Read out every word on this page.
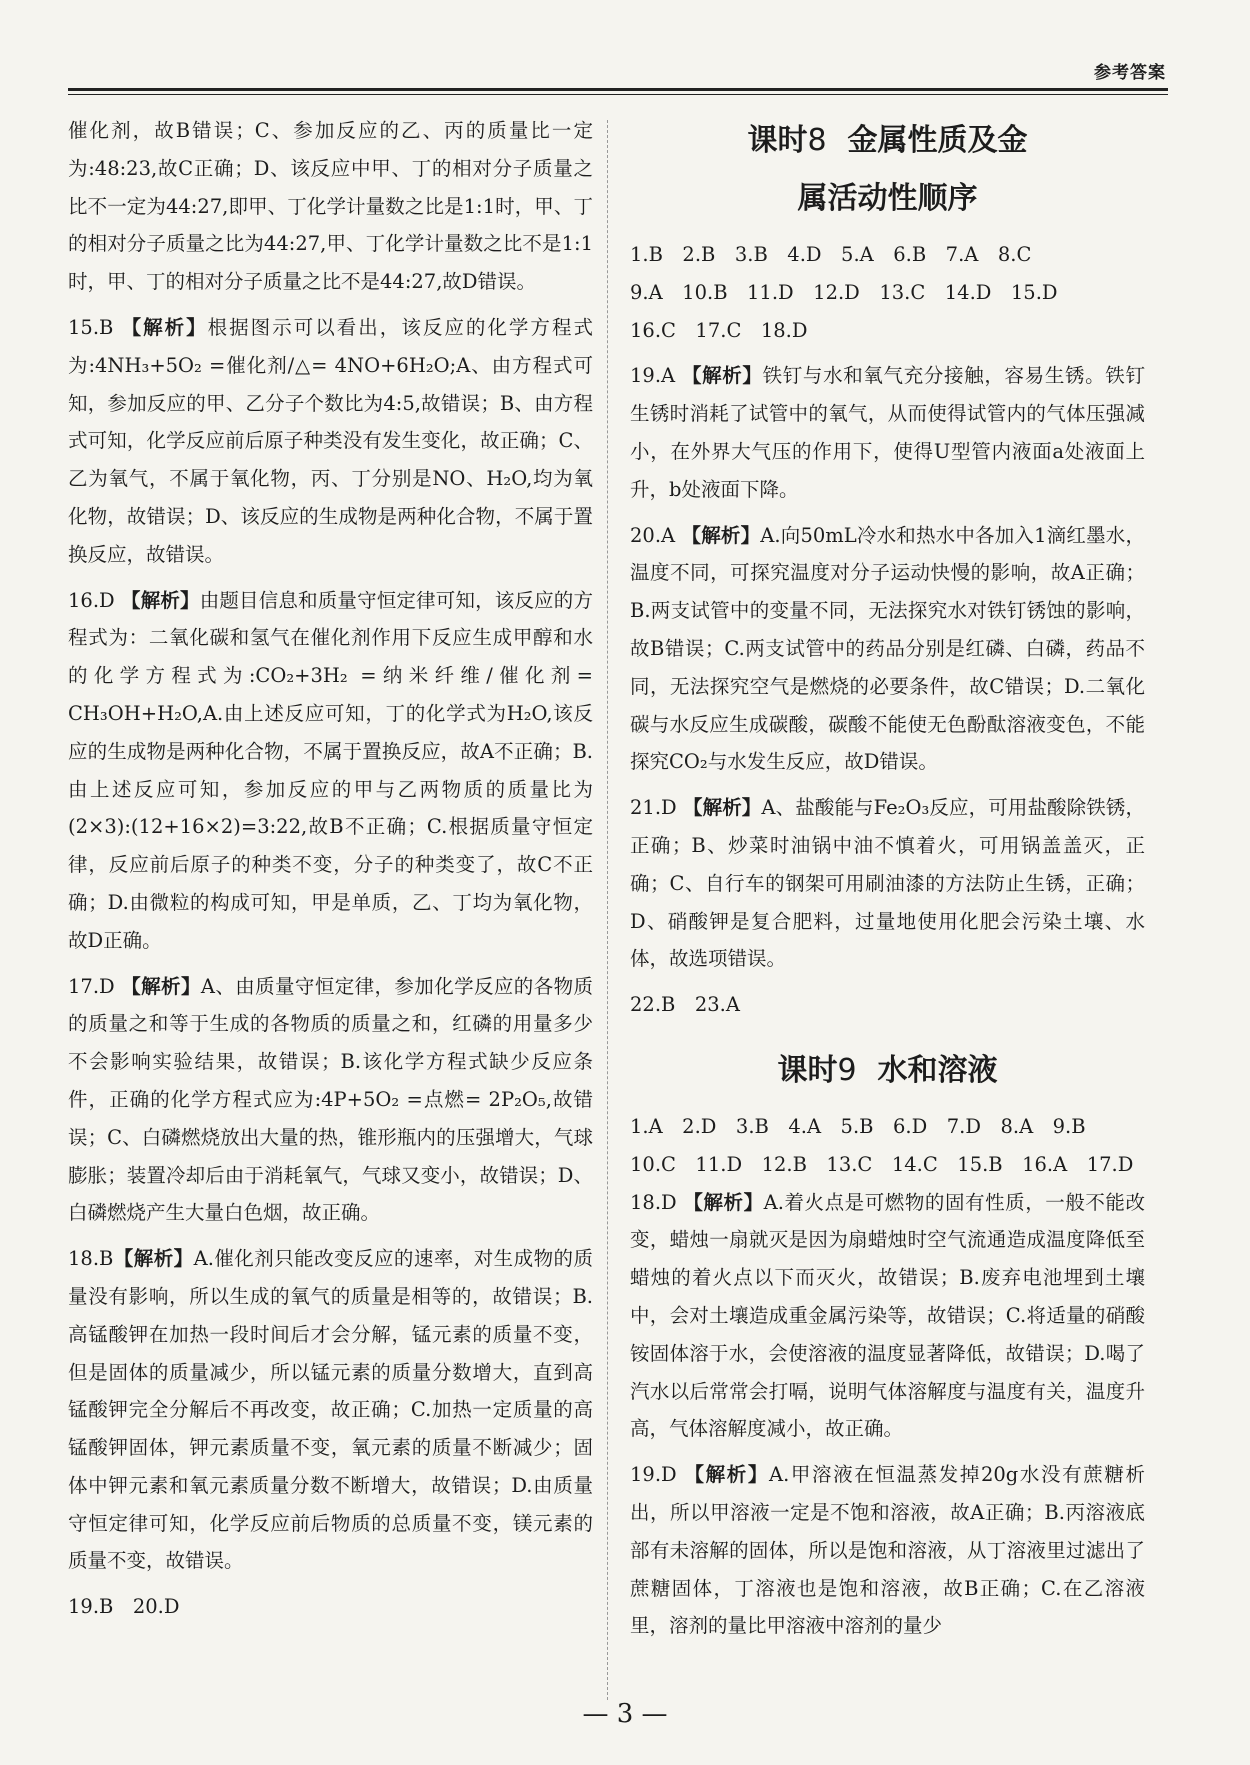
参考答案

催化剂，故B错误；C、参加反应的乙、丙的质量比一定为:48:23,故C正确；D、该反应中甲、丁的相对分子质量之比不一定为44:27,即甲、丁化学计量数之比是1:1时，甲、丁的相对分子质量之比为44:27,甲、丁化学计量数之比不是1:1时，甲、丁的相对分子质量之比不是44:27,故D错误。

15.B 【解析】根据图示可以看出，该反应的化学方程式为:4NH₃+5O₂ =催化剂/△= 4NO+6H₂O;A、由方程式可知，参加反应的甲、乙分子个数比为4:5,故错误；B、由方程式可知，化学反应前后原子种类没有发生变化，故正确；C、乙为氧气，不属于氧化物，丙、丁分别是NO、H₂O,均为氧化物，故错误；D、该反应的生成物是两种化合物，不属于置换反应，故错误。

16.D 【解析】由题目信息和质量守恒定律可知，该反应的方程式为：二氧化碳和氢气在催化剂作用下反应生成甲醇和水的化学方程式为:CO₂+3H₂ =纳米纤维/催化剂= CH₃OH+H₂O,A.由上述反应可知，丁的化学式为H₂O,该反应的生成物是两种化合物，不属于置换反应，故A不正确；B.由上述反应可知，参加反应的甲与乙两物质的质量比为(2×3):(12+16×2)=3:22,故B不正确；C.根据质量守恒定律，反应前后原子的种类不变，分子的种类变了，故C不正确；D.由微粒的构成可知，甲是单质，乙、丁均为氧化物，故D正确。

17.D 【解析】A、由质量守恒定律，参加化学反应的各物质的质量之和等于生成的各物质的质量之和，红磷的用量多少不会影响实验结果，故错误；B.该化学方程式缺少反应条件，正确的化学方程式应为:4P+5O₂ =点燃= 2P₂O₅,故错误；C、白磷燃烧放出大量的热，锥形瓶内的压强增大，气球膨胀；装置冷却后由于消耗氧气，气球又变小，故错误；D、白磷燃烧产生大量白色烟，故正确。

18.B【解析】A.催化剂只能改变反应的速率，对生成物的质量没有影响，所以生成的氧气的质量是相等的，故错误；B.高锰酸钾在加热一段时间后才会分解，锰元素的质量不变，但是固体的质量减少，所以锰元素的质量分数增大，直到高锰酸钾完全分解后不再改变，故正确；C.加热一定质量的高锰酸钾固体，钾元素质量不变，氧元素的质量不断减少；固体中钾元素和氧元素质量分数不断增大，故错误；D.由质量守恒定律可知，化学反应前后物质的总质量不变，镁元素的质量不变，故错误。

19.B　20.D

课时8 金属性质及金
属活动性顺序

1.B　2.B　3.B　4.D　5.A　6.B　7.A　8.C

9.A　10.B　11.D　12.D　13.C　14.D　15.D

16.C　17.C　18.D

19.A 【解析】铁钉与水和氧气充分接触，容易生锈。铁钉生锈时消耗了试管中的氧气，从而使得试管内的气体压强减小，在外界大气压的作用下，使得U型管内液面a处液面上升，b处液面下降。

20.A 【解析】A.向50mL冷水和热水中各加入1滴红墨水，温度不同，可探究温度对分子运动快慢的影响，故A正确；B.两支试管中的变量不同，无法探究水对铁钉锈蚀的影响，故B错误；C.两支试管中的药品分别是红磷、白磷，药品不同，无法探究空气是燃烧的必要条件，故C错误；D.二氧化碳与水反应生成碳酸，碳酸不能使无色酚酞溶液变色，不能探究CO₂与水发生反应，故D错误。

21.D 【解析】A、盐酸能与Fe₂O₃反应，可用盐酸除铁锈，正确；B、炒菜时油锅中油不慎着火，可用锅盖盖灭，正确；C、自行车的钢架可用刷油漆的方法防止生锈，正确；D、硝酸钾是复合肥料，过量地使用化肥会污染土壤、水体，故选项错误。

22.B　23.A

课时9 水和溶液

1.A　2.D　3.B　4.A　5.B　6.D　7.D　8.A　9.B

10.C　11.D　12.B　13.C　14.C　15.B　16.A　17.D

18.D 【解析】A.着火点是可燃物的固有性质，一般不能改变，蜡烛一扇就灭是因为扇蜡烛时空气流通造成温度降低至蜡烛的着火点以下而灭火，故错误；B.废弃电池埋到土壤中，会对土壤造成重金属污染等，故错误；C.将适量的硝酸铵固体溶于水，会使溶液的温度显著降低，故错误；D.喝了汽水以后常常会打嗝，说明气体溶解度与温度有关，温度升高，气体溶解度减小，故正确。

19.D 【解析】A.甲溶液在恒温蒸发掉20g水没有蔗糖析出，所以甲溶液一定是不饱和溶液，故A正确；B.丙溶液底部有未溶解的固体，所以是饱和溶液，从丁溶液里过滤出了蔗糖固体，丁溶液也是饱和溶液，故B正确；C.在乙溶液里，溶剂的量比甲溶液中溶剂的量少

— 3 —
